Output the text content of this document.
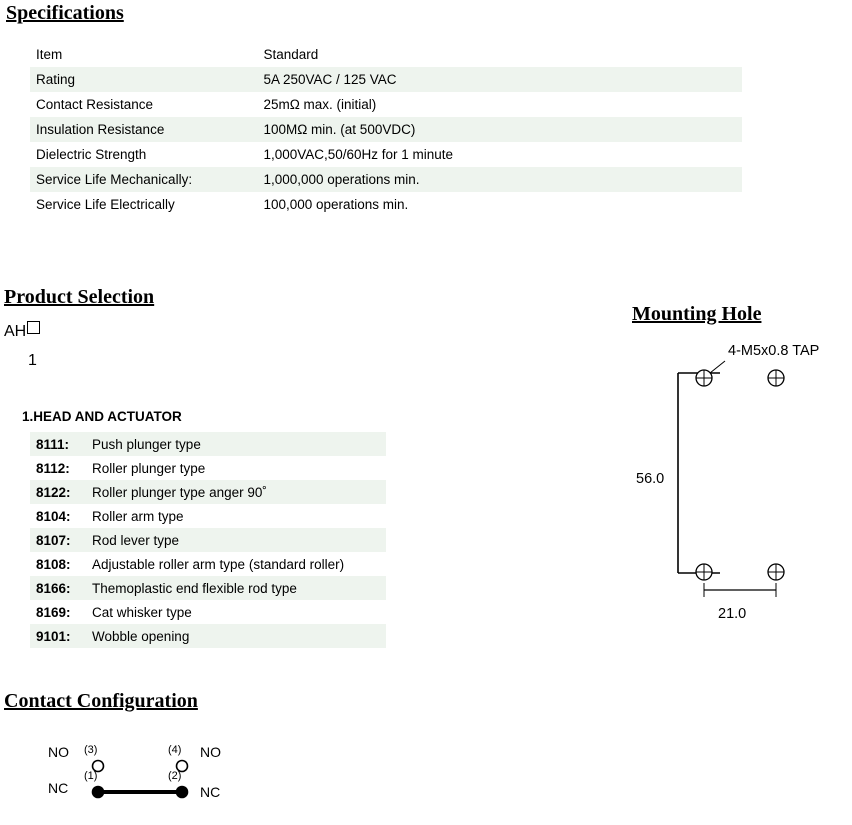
Specifications
Item	Standard
Rating	5A 250VAC / 125 VAC
Contact Resistance	25mΩ max. (initial)
Insulation Resistance	100MΩ min. (at 500VDC)
Dielectric Strength	1,000VAC,50/60Hz for 1 minute
Service Life Mechanically:	1,000,000 operations min.
Service Life Electrically	100,000 operations min.
Product Selection
AH
1
1.HEAD AND ACTUATOR
8111:	Push plunger type
8112:	Roller plunger type
8122:	Roller plunger type anger 90˚
8104:	Roller arm type
8107:	Rod lever type
8108:	Adjustable roller arm type (standard roller)
8166:	Themoplastic end flexible rod type
8169:	Cat whisker type
9101:	Wobble opening
Mounting Hole
4-M5x0.8 TAP
56.0
21.0
Contact Configuration
NO (3)	(4) NO
NC
(1)	(2)
NC
